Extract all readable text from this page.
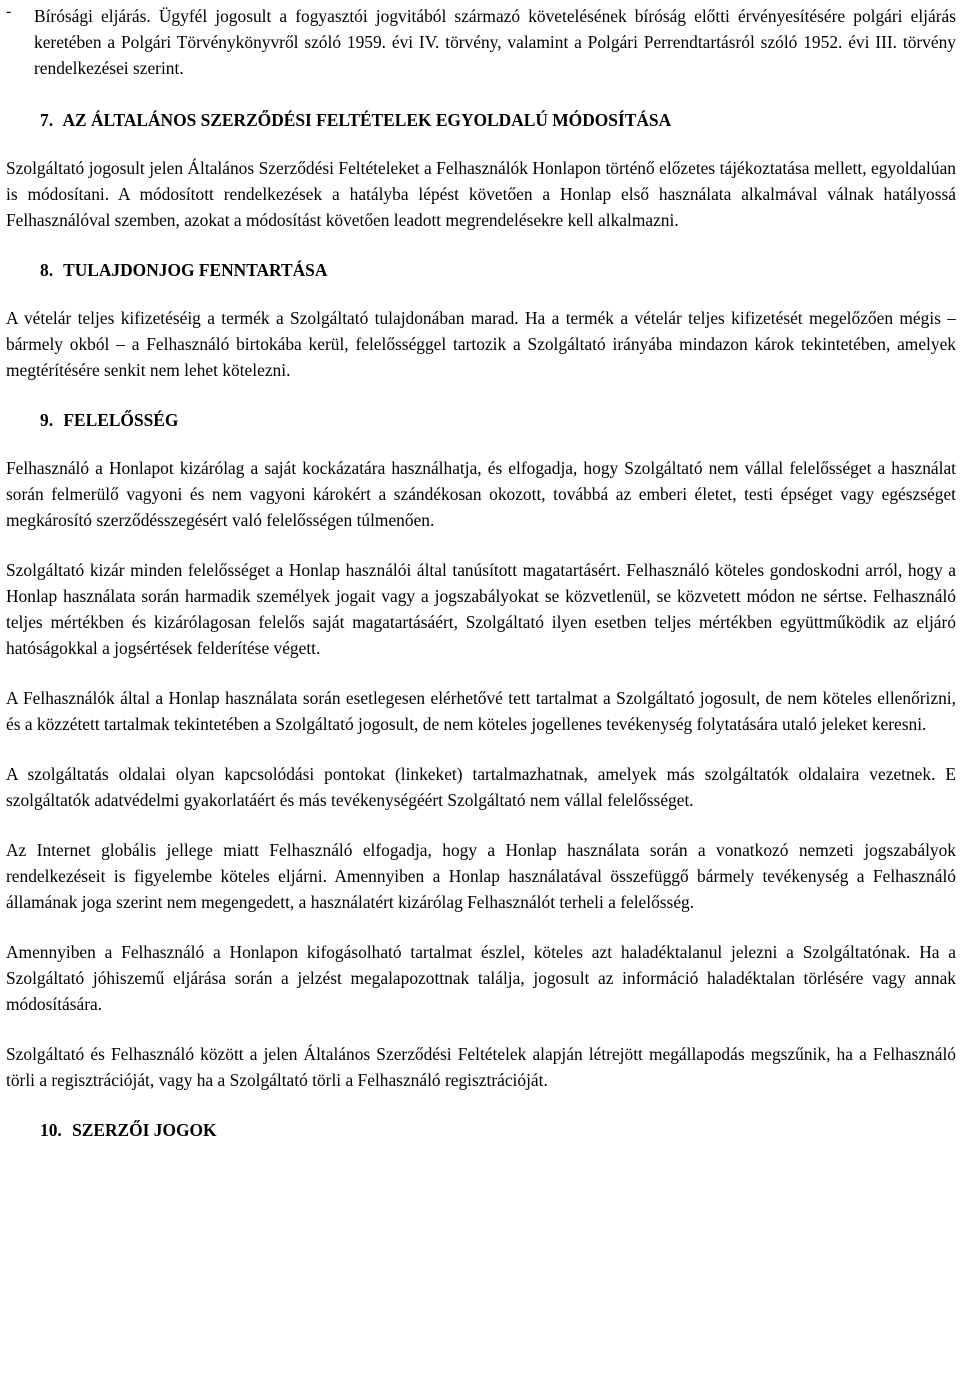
-	Bírósági eljárás. Ügyfél jogosult a fogyasztói jogvitából származó követelésének bíróság előtti érvényesítésére polgári eljárás keretében a Polgári Törvénykönyvről szóló 1959. évi IV. törvény, valamint a Polgári Perrendtartásról szóló 1952. évi III. törvény rendelkezései szerint.

7. AZ ÁLTALÁNOS SZERZŐDÉSI FELTÉTELEK EGYOLDALÚ MÓDOSÍTÁSA

Szolgáltató jogosult jelen Általános Szerződési Feltételeket a Felhasználók Honlapon történő előzetes tájékoztatása mellett, egyoldalúan is módosítani. A módosított rendelkezések a hatályba lépést követően a Honlap első használata alkalmával válnak hatályossá Felhasználóval szemben, azokat a módosítást követően leadott megrendelésekre kell alkalmazni.

8. TULAJDONJOG FENNTARTÁSA

A vételár teljes kifizetéséig a termék a Szolgáltató tulajdonában marad. Ha a termék a vételár teljes kifizetését megelőzően mégis – bármely okból – a Felhasználó birtokába kerül, felelősséggel tartozik a Szolgáltató irányába mindazon károk tekintetében, amelyek megtérítésére senkit nem lehet kötelezni.

9. FELELŐSSÉG

Felhasználó a Honlapot kizárólag a saját kockázatára használhatja, és elfogadja, hogy Szolgáltató nem vállal felelősséget a használat során felmerülő vagyoni és nem vagyoni károkért a szándékosan okozott, továbbá az emberi életet, testi épséget vagy egészséget megkárosító szerződésszegésért való felelősségen túlmenően.

Szolgáltató kizár minden felelősséget a Honlap használói által tanúsított magatartásért. Felhasználó köteles gondoskodni arról, hogy a Honlap használata során harmadik személyek jogait vagy a jogszabályokat se közvetlenül, se közvetett módon ne sértse. Felhasználó teljes mértékben és kizárólagosan felelős saját magatartásáért, Szolgáltató ilyen esetben teljes mértékben együttműködik az eljáró hatóságokkal a jogsértések felderítése végett.

A Felhasználók által a Honlap használata során esetlegesen elérhetővé tett tartalmat a Szolgáltató jogosult, de nem köteles ellenőrizni, és a közzétett tartalmak tekintetében a Szolgáltató jogosult, de nem köteles jogellenes tevékenység folytatására utaló jeleket keresni.

A szolgáltatás oldalai olyan kapcsolódási pontokat (linkeket) tartalmazhatnak, amelyek más szolgáltatók oldalaira vezetnek. E szolgáltatók adatvédelmi gyakorlatáért és más tevékenységéért Szolgáltató nem vállal felelősséget.

Az Internet globális jellege miatt Felhasználó elfogadja, hogy a Honlap használata során a vonatkozó nemzeti jogszabályok rendelkezéseit is figyelembe köteles eljárni. Amennyiben a Honlap használatával összefüggő bármely tevékenység a Felhasználó államának joga szerint nem megengedett, a használatért kizárólag Felhasználót terheli a felelősség.

Amennyiben a Felhasználó a Honlapon kifogásolható tartalmat észlel, köteles azt haladéktalanul jelezni a Szolgáltatónak. Ha a Szolgáltató jóhiszemű eljárása során a jelzést megalapozottnak találja, jogosult az információ haladéktalan törlésére vagy annak módosítására.

Szolgáltató és Felhasználó között a jelen Általános Szerződési Feltételek alapján létrejött megállapodás megszűnik, ha a Felhasználó törli a regisztrációját, vagy ha a Szolgáltató törli a Felhasználó regisztrációját.

10. SZERZŐI JOGOK
